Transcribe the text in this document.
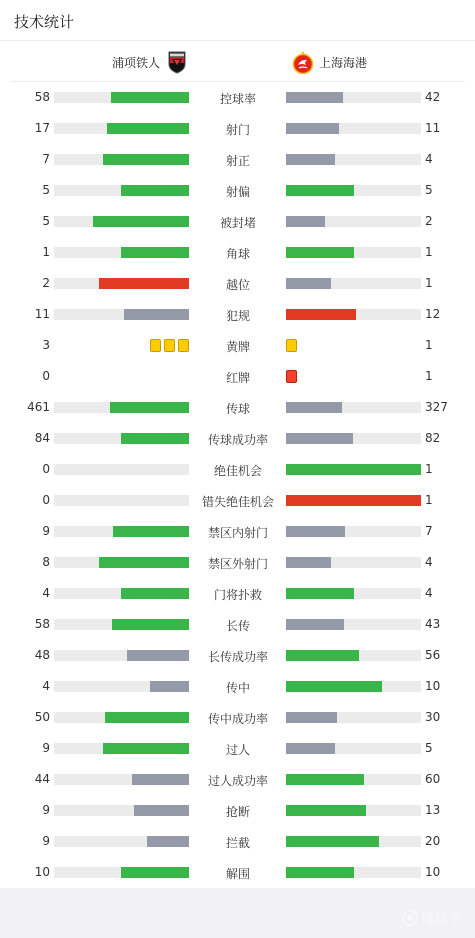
技术统计
浦项铁人	上海海港
58	控球率	42
17	射门	11
7	射正	4
5	射偏	5
5	被封堵	2
1	角球	1
2	越位	1
11	犯规	12
3	黄牌	1
0	红牌	1
461	传球	327
84	传球成功率	82
0	绝佳机会	1
0	错失绝佳机会	1
9	禁区内射门	7
8	禁区外射门	4
4	门将扑救	4
58	长传	43
48	长传成功率	56
4	传中	10
50	传中成功率	30
9	过人	5
44	过人成功率	60
9	抢断	13
9	拦截	20
10	解围	10
懂球帝
